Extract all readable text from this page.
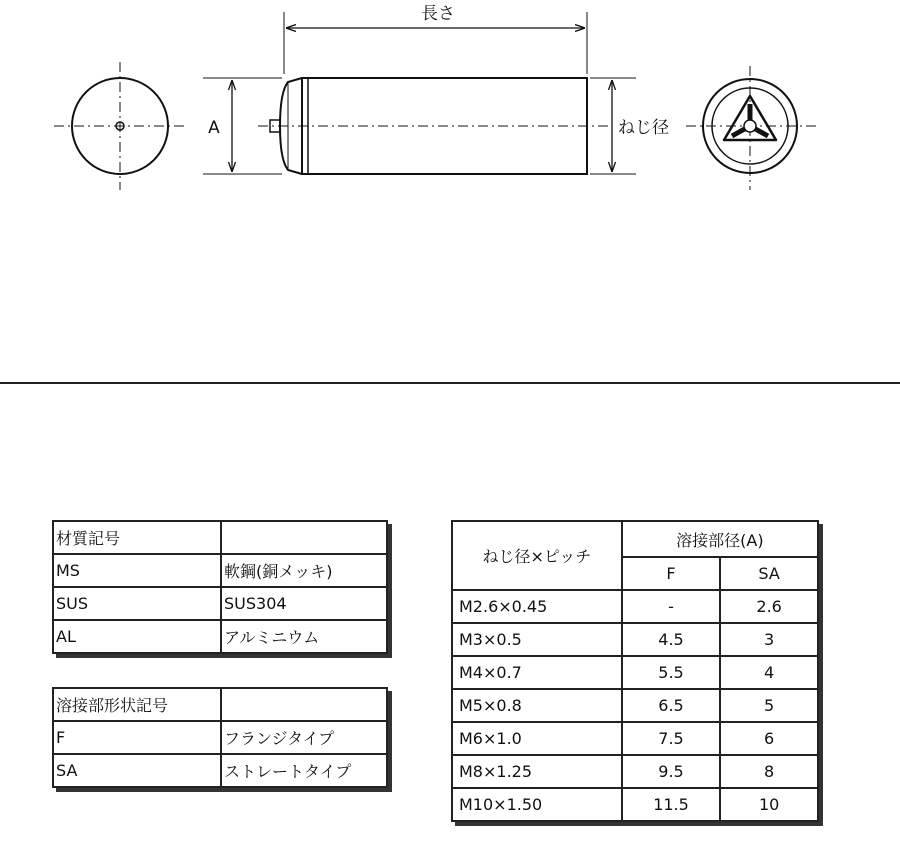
長さ
A	ねじ径
材質記号	
MS	軟鋼(銅メッキ)
SUS	SUS304
AL	アルミニウム
溶接部形状記号	
F	フランジタイプ
SA	ストレートタイプ
ねじ径×ピッチ	溶接部径(A)	
	F	SA
M2.6×0.45	-	2.6
M3×0.5	4.5	3
M4×0.7	5.5	4
M5×0.8	6.5	5
M6×1.0	7.5	6
M8×1.25	9.5	8
M10×1.50	11.5	10
